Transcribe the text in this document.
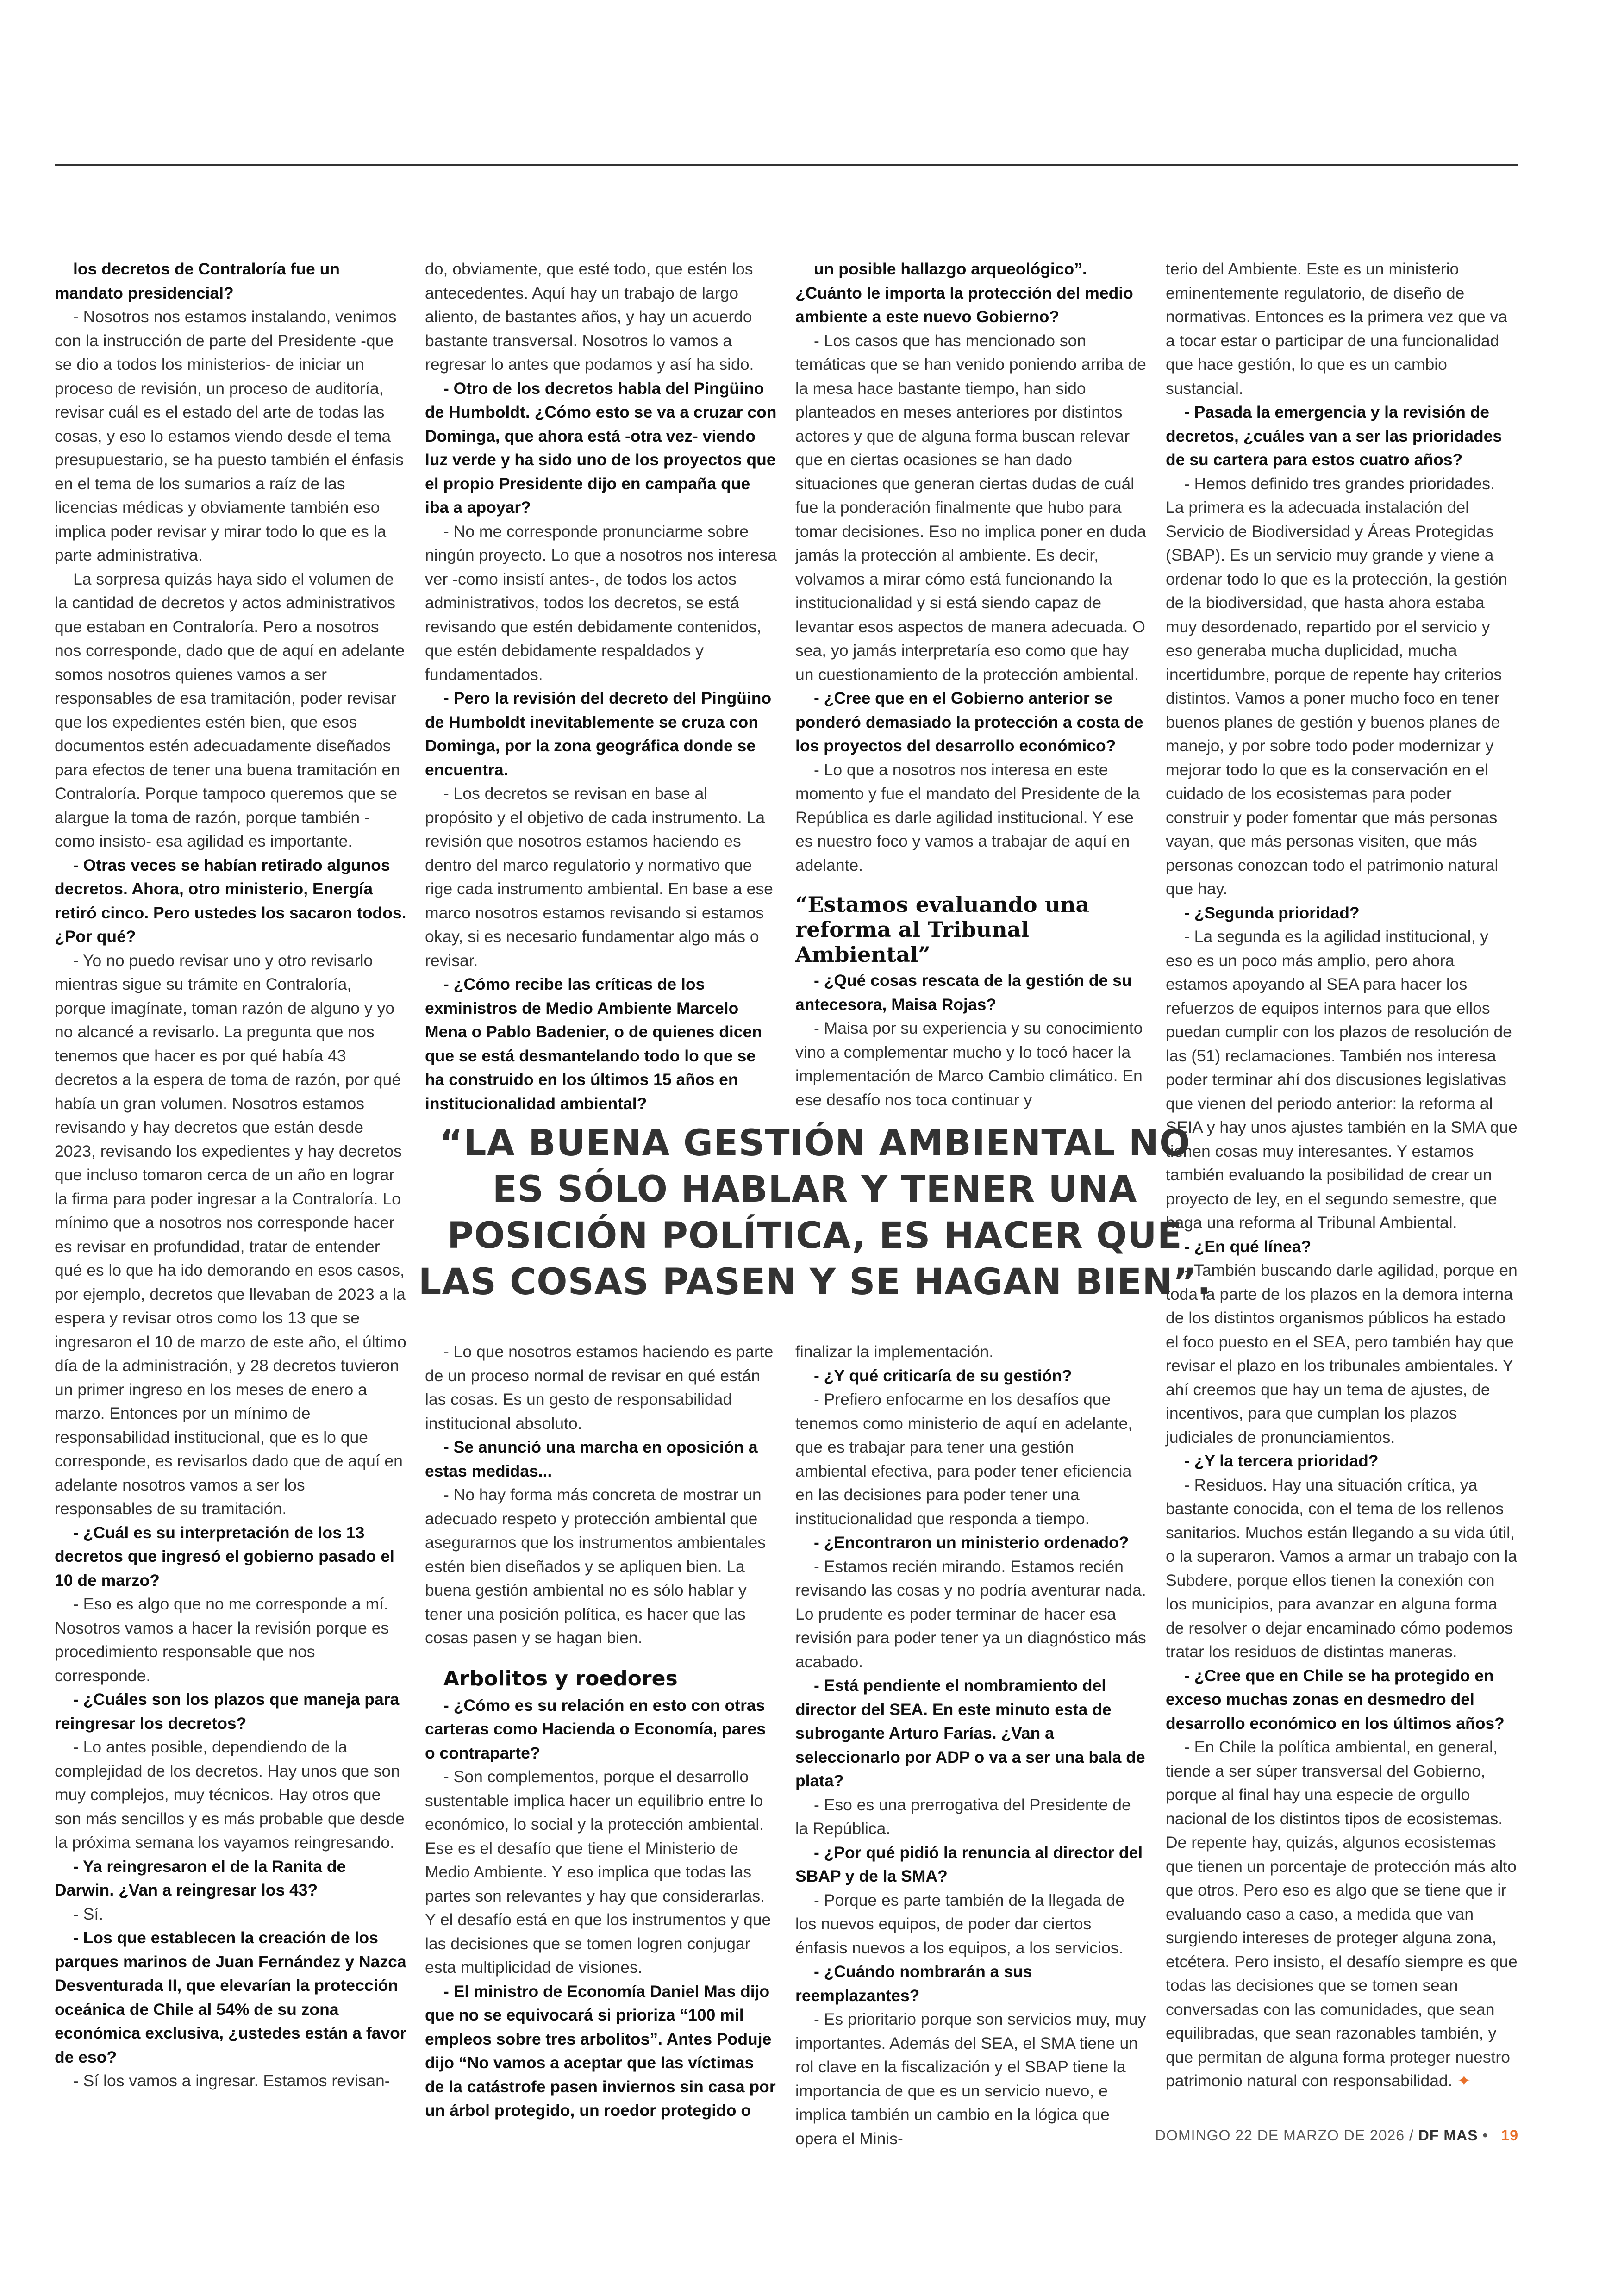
los decretos de Contraloría fue un mandato presidencial?

- Nosotros nos estamos instalando, venimos con la instrucción de parte del Presidente -que se dio a todos los ministerios- de iniciar un proceso de revisión, un proceso de auditoría, revisar cuál es el estado del arte de todas las cosas, y eso lo estamos viendo desde el tema presupuestario, se ha puesto también el énfasis en el tema de los sumarios a raíz de las licencias médicas y obviamente también eso implica poder revisar y mirar todo lo que es la parte administrativa.

La sorpresa quizás haya sido el volumen de la cantidad de decretos y actos administrativos que estaban en Contraloría. Pero a nosotros nos corresponde, dado que de aquí en adelante somos nosotros quienes vamos a ser responsables de esa tramitación, poder revisar que los expedientes estén bien, que esos documentos estén adecuadamente diseñados para efectos de tener una buena tramitación en Contraloría. Porque tampoco queremos que se alargue la toma de razón, porque también -como insisto- esa agilidad es importante.

- Otras veces se habían retirado algunos decretos. Ahora, otro ministerio, Energía retiró cinco. Pero ustedes los sacaron todos. ¿Por qué?

- Yo no puedo revisar uno y otro revisarlo mientras sigue su trámite en Contraloría, porque imagínate, toman razón de alguno y yo no alcancé a revisarlo. La pregunta que nos tenemos que hacer es por qué había 43 decretos a la espera de toma de razón, por qué había un gran volumen. Nosotros estamos revisando y hay decretos que están desde 2023, revisando los expedientes y hay decretos que incluso tomaron cerca de un año en lograr la firma para poder ingresar a la Contraloría. Lo mínimo que a nosotros nos corresponde hacer es revisar en profundidad, tratar de entender qué es lo que ha ido demorando en esos casos, por ejemplo, decretos que llevaban de 2023 a la espera y revisar otros como los 13 que se ingresaron el 10 de marzo de este año, el último día de la administración, y 28 decretos tuvieron un primer ingreso en los meses de enero a marzo. Entonces por un mínimo de responsabilidad institucional, que es lo que corresponde, es revisarlos dado que de aquí en adelante nosotros vamos a ser los responsables de su tramitación.

- ¿Cuál es su interpretación de los 13 decretos que ingresó el gobierno pasado el 10 de marzo?

- Eso es algo que no me corresponde a mí. Nosotros vamos a hacer la revisión porque es procedimiento responsable que nos corresponde.

- ¿Cuáles son los plazos que maneja para reingresar los decretos?

- Lo antes posible, dependiendo de la complejidad de los decretos. Hay unos que son muy complejos, muy técnicos. Hay otros que son más sencillos y es más probable que desde la próxima semana los vayamos reingresando.

- Ya reingresaron el de la Ranita de Darwin. ¿Van a reingresar los 43?

- Sí.

- Los que establecen la creación de los parques marinos de Juan Fernández y Nazca Desventurada II, que elevarían la protección oceánica de Chile al 54% de su zona económica exclusiva, ¿ustedes están a favor de eso?

- Sí los vamos a ingresar. Estamos revisan-

do, obviamente, que esté todo, que estén los antecedentes. Aquí hay un trabajo de largo aliento, de bastantes años, y hay un acuerdo bastante transversal. Nosotros lo vamos a regresar lo antes que podamos y así ha sido.

- Otro de los decretos habla del Pingüino de Humboldt. ¿Cómo esto se va a cruzar con Dominga, que ahora está -otra vez- viendo luz verde y ha sido uno de los proyectos que el propio Presidente dijo en campaña que iba a apoyar?

- No me corresponde pronunciarme sobre ningún proyecto. Lo que a nosotros nos interesa ver -como insistí antes-, de todos los actos administrativos, todos los decretos, se está revisando que estén debidamente contenidos, que estén debidamente respaldados y fundamentados.

- Pero la revisión del decreto del Pingüino de Humboldt inevitablemente se cruza con Dominga, por la zona geográfica donde se encuentra.

- Los decretos se revisan en base al propósito y el objetivo de cada instrumento. La revisión que nosotros estamos haciendo es dentro del marco regulatorio y normativo que rige cada instrumento ambiental. En base a ese marco nosotros estamos revisando si estamos okay, si es necesario fundamentar algo más o revisar.

- ¿Cómo recibe las críticas de los exministros de Medio Ambiente Marcelo Mena o Pablo Badenier, o de quienes dicen que se está desmantelando todo lo que se ha construido en los últimos 15 años en institucionalidad ambiental?

un posible hallazgo arqueológico”. ¿Cuánto le importa la protección del medio ambiente a este nuevo Gobierno?

- Los casos que has mencionado son temáticas que se han venido poniendo arriba de la mesa hace bastante tiempo, han sido planteados en meses anteriores por distintos actores y que de alguna forma buscan relevar que en ciertas ocasiones se han dado situaciones que generan ciertas dudas de cuál fue la ponderación finalmente que hubo para tomar decisiones. Eso no implica poner en duda jamás la protección al ambiente. Es decir, volvamos a mirar cómo está funcionando la institucionalidad y si está siendo capaz de levantar esos aspectos de manera adecuada. O sea, yo jamás interpretaría eso como que hay un cuestionamiento de la protección ambiental.

- ¿Cree que en el Gobierno anterior se ponderó demasiado la protección a costa de los proyectos del desarrollo económico?

- Lo que a nosotros nos interesa en este momento y fue el mandato del Presidente de la República es darle agilidad institucional. Y ese es nuestro foco y vamos a trabajar de aquí en adelante.

“Estamos evaluando una reforma al Tribunal Ambiental”

- ¿Qué cosas rescata de la gestión de su antecesora, Maisa Rojas?

- Maisa por su experiencia y su conocimiento vino a complementar mucho y lo tocó hacer la implementación de Marco Cambio climático. En ese desafío nos toca continuar y

terio del Ambiente. Este es un ministerio eminentemente regulatorio, de diseño de normativas. Entonces es la primera vez que va a tocar estar o participar de una funcionalidad que hace gestión, lo que es un cambio sustancial.

- Pasada la emergencia y la revisión de decretos, ¿cuáles van a ser las prioridades de su cartera para estos cuatro años?

- Hemos definido tres grandes prioridades. La primera es la adecuada instalación del Servicio de Biodiversidad y Áreas Protegidas (SBAP). Es un servicio muy grande y viene a ordenar todo lo que es la protección, la gestión de la biodiversidad, que hasta ahora estaba muy desordenado, repartido por el servicio y eso generaba mucha duplicidad, mucha incertidumbre, porque de repente hay criterios distintos. Vamos a poner mucho foco en tener buenos planes de gestión y buenos planes de manejo, y por sobre todo poder modernizar y mejorar todo lo que es la conservación en el cuidado de los ecosistemas para poder construir y poder fomentar que más personas vayan, que más personas visiten, que más personas conozcan todo el patrimonio natural que hay.

- ¿Segunda prioridad?

- La segunda es la agilidad institucional, y eso es un poco más amplio, pero ahora estamos apoyando al SEA para hacer los refuerzos de equipos internos para que ellos puedan cumplir con los plazos de resolución de las (51) reclamaciones. También nos interesa poder terminar ahí dos discusiones legislativas que vienen del periodo anterior: la reforma al SEIA y hay unos ajustes también en la SMA que tienen cosas muy interesantes. Y estamos también evaluando la posibilidad de crear un proyecto de ley, en el segundo semestre, que haga una reforma al Tribunal Ambiental.

- ¿En qué línea?

- También buscando darle agilidad, porque en toda la parte de los plazos en la demora interna de los distintos organismos públicos ha estado el foco puesto en el SEA, pero también hay que revisar el plazo en los tribunales ambientales. Y ahí creemos que hay un tema de ajustes, de incentivos, para que cumplan los plazos judiciales de pronunciamientos.

- ¿Y la tercera prioridad?

- Residuos. Hay una situación crítica, ya bastante conocida, con el tema de los rellenos sanitarios. Muchos están llegando a su vida útil, o la superaron. Vamos a armar un trabajo con la Subdere, porque ellos tienen la conexión con los municipios, para avanzar en alguna forma de resolver o dejar encaminado cómo podemos tratar los residuos de distintas maneras.

- ¿Cree que en Chile se ha protegido en exceso muchas zonas en desmedro del desarrollo económico en los últimos años?

- En Chile la política ambiental, en general, tiende a ser súper transversal del Gobierno, porque al final hay una especie de orgullo nacional de los distintos tipos de ecosistemas. De repente hay, quizás, algunos ecosistemas que tienen un porcentaje de protección más alto que otros. Pero eso es algo que se tiene que ir evaluando caso a caso, a medida que van surgiendo intereses de proteger alguna zona, etcétera. Pero insisto, el desafío siempre es que todas las decisiones que se tomen sean conversadas con las comunidades, que sean equilibradas, que sean razonables también, y que permitan de alguna forma proteger nuestro patrimonio natural con responsabilidad. ✦

“LA BUENA GESTIÓN AMBIENTAL NO ES SÓLO HABLAR Y TENER UNA POSICIÓN POLÍTICA, ES HACER QUE LAS COSAS PASEN Y SE HAGAN BIEN”.

- Lo que nosotros estamos haciendo es parte de un proceso normal de revisar en qué están las cosas. Es un gesto de responsabilidad institucional absoluto.

- Se anunció una marcha en oposición a estas medidas...

- No hay forma más concreta de mostrar un adecuado respeto y protección ambiental que asegurarnos que los instrumentos ambientales estén bien diseñados y se apliquen bien. La buena gestión ambiental no es sólo hablar y tener una posición política, es hacer que las cosas pasen y se hagan bien.

Arbolitos y roedores

- ¿Cómo es su relación en esto con otras carteras como Hacienda o Economía, pares o contraparte?

- Son complementos, porque el desarrollo sustentable implica hacer un equilibrio entre lo económico, lo social y la protección ambiental. Ese es el desafío que tiene el Ministerio de Medio Ambiente. Y eso implica que todas las partes son relevantes y hay que considerarlas. Y el desafío está en que los instrumentos y que las decisiones que se tomen logren conjugar esta multiplicidad de visiones.

- El ministro de Economía Daniel Mas dijo que no se equivocará si prioriza “100 mil empleos sobre tres arbolitos”. Antes Poduje dijo “No vamos a aceptar que las víctimas de la catástrofe pasen inviernos sin casa por un árbol protegido, un roedor protegido o

finalizar la implementación.

- ¿Y qué criticaría de su gestión?

- Prefiero enfocarme en los desafíos que tenemos como ministerio de aquí en adelante, que es trabajar para tener una gestión ambiental efectiva, para poder tener eficiencia en las decisiones para poder tener una institucionalidad que responda a tiempo.

- ¿Encontraron un ministerio ordenado?

- Estamos recién mirando. Estamos recién revisando las cosas y no podría aventurar nada. Lo prudente es poder terminar de hacer esa revisión para poder tener ya un diagnóstico más acabado.

- Está pendiente el nombramiento del director del SEA. En este minuto esta de subrogante Arturo Farías. ¿Van a seleccionarlo por ADP o va a ser una bala de plata?

- Eso es una prerrogativa del Presidente de la República.

- ¿Por qué pidió la renuncia al director del SBAP y de la SMA?

- Porque es parte también de la llegada de los nuevos equipos, de poder dar ciertos énfasis nuevos a los equipos, a los servicios.

- ¿Cuándo nombrarán a sus reemplazantes?

- Es prioritario porque son servicios muy, muy importantes. Además del SEA, el SMA tiene un rol clave en la fiscalización y el SBAP tiene la importancia de que es un servicio nuevo, e implica también un cambio en la lógica que opera el Minis-	DOMINGO 22 DE MARZO DE 2026 / DF MAS • 19
